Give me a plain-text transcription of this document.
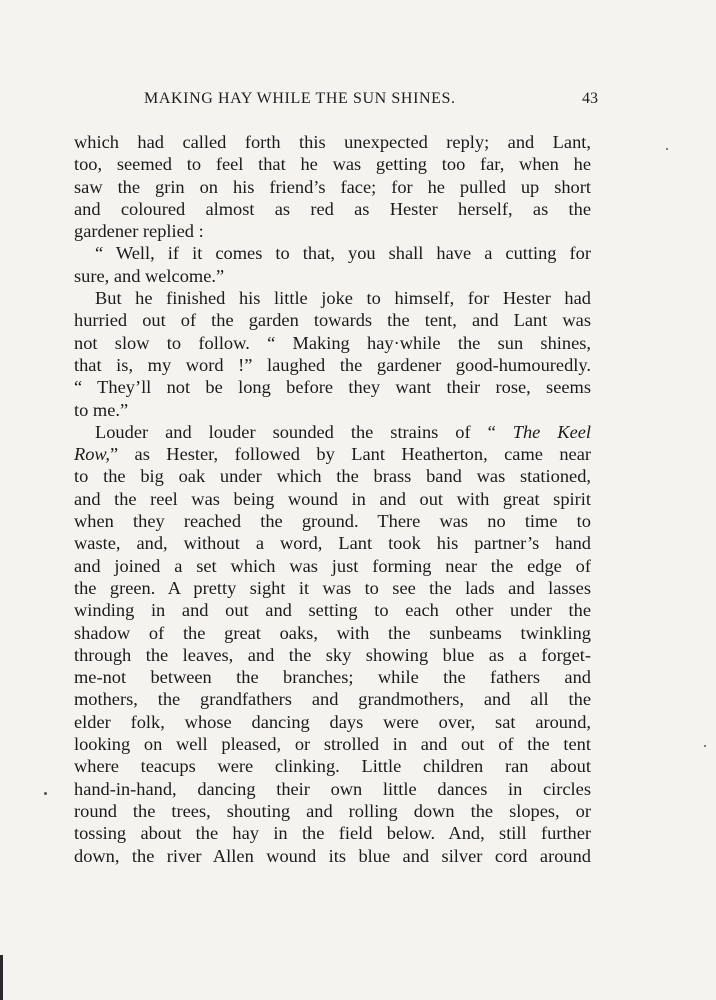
MAKING HAY WHILE THE SUN SHINES.	43
which had called forth this unexpected reply; and Lant,
too, seemed to feel that he was getting too far, when he
saw the grin on his friend’s face; for he pulled up short
and coloured almost as red as Hester herself, as the
gardener replied :
“ Well, if it comes to that, you shall have a cutting for
sure, and welcome.”
But he finished his little joke to himself, for Hester had
hurried out of the garden towards the tent, and Lant was
not slow to follow. “ Making hay·while the sun shines,
that is, my word !” laughed the gardener good-humouredly.
“ They’ll not be long before they want their rose, seems
to me.”
Louder and louder sounded the strains of “ The Keel
Row,” as Hester, followed by Lant Heatherton, came near
to the big oak under which the brass band was stationed,
and the reel was being wound in and out with great spirit
when they reached the ground. There was no time to
waste, and, without a word, Lant took his partner’s hand
and joined a set which was just forming near the edge of
the green. A pretty sight it was to see the lads and lasses
winding in and out and setting to each other under the
shadow of the great oaks, with the sunbeams twinkling
through the leaves, and the sky showing blue as a forget-
me-not between the branches; while the fathers and
mothers, the grandfathers and grandmothers, and all the
elder folk, whose dancing days were over, sat around,
looking on well pleased, or strolled in and out of the tent
where teacups were clinking. Little children ran about
hand-in-hand, dancing their own little dances in circles
round the trees, shouting and rolling down the slopes, or
tossing about the hay in the field below. And, still further
down, the river Allen wound its blue and silver cord around
